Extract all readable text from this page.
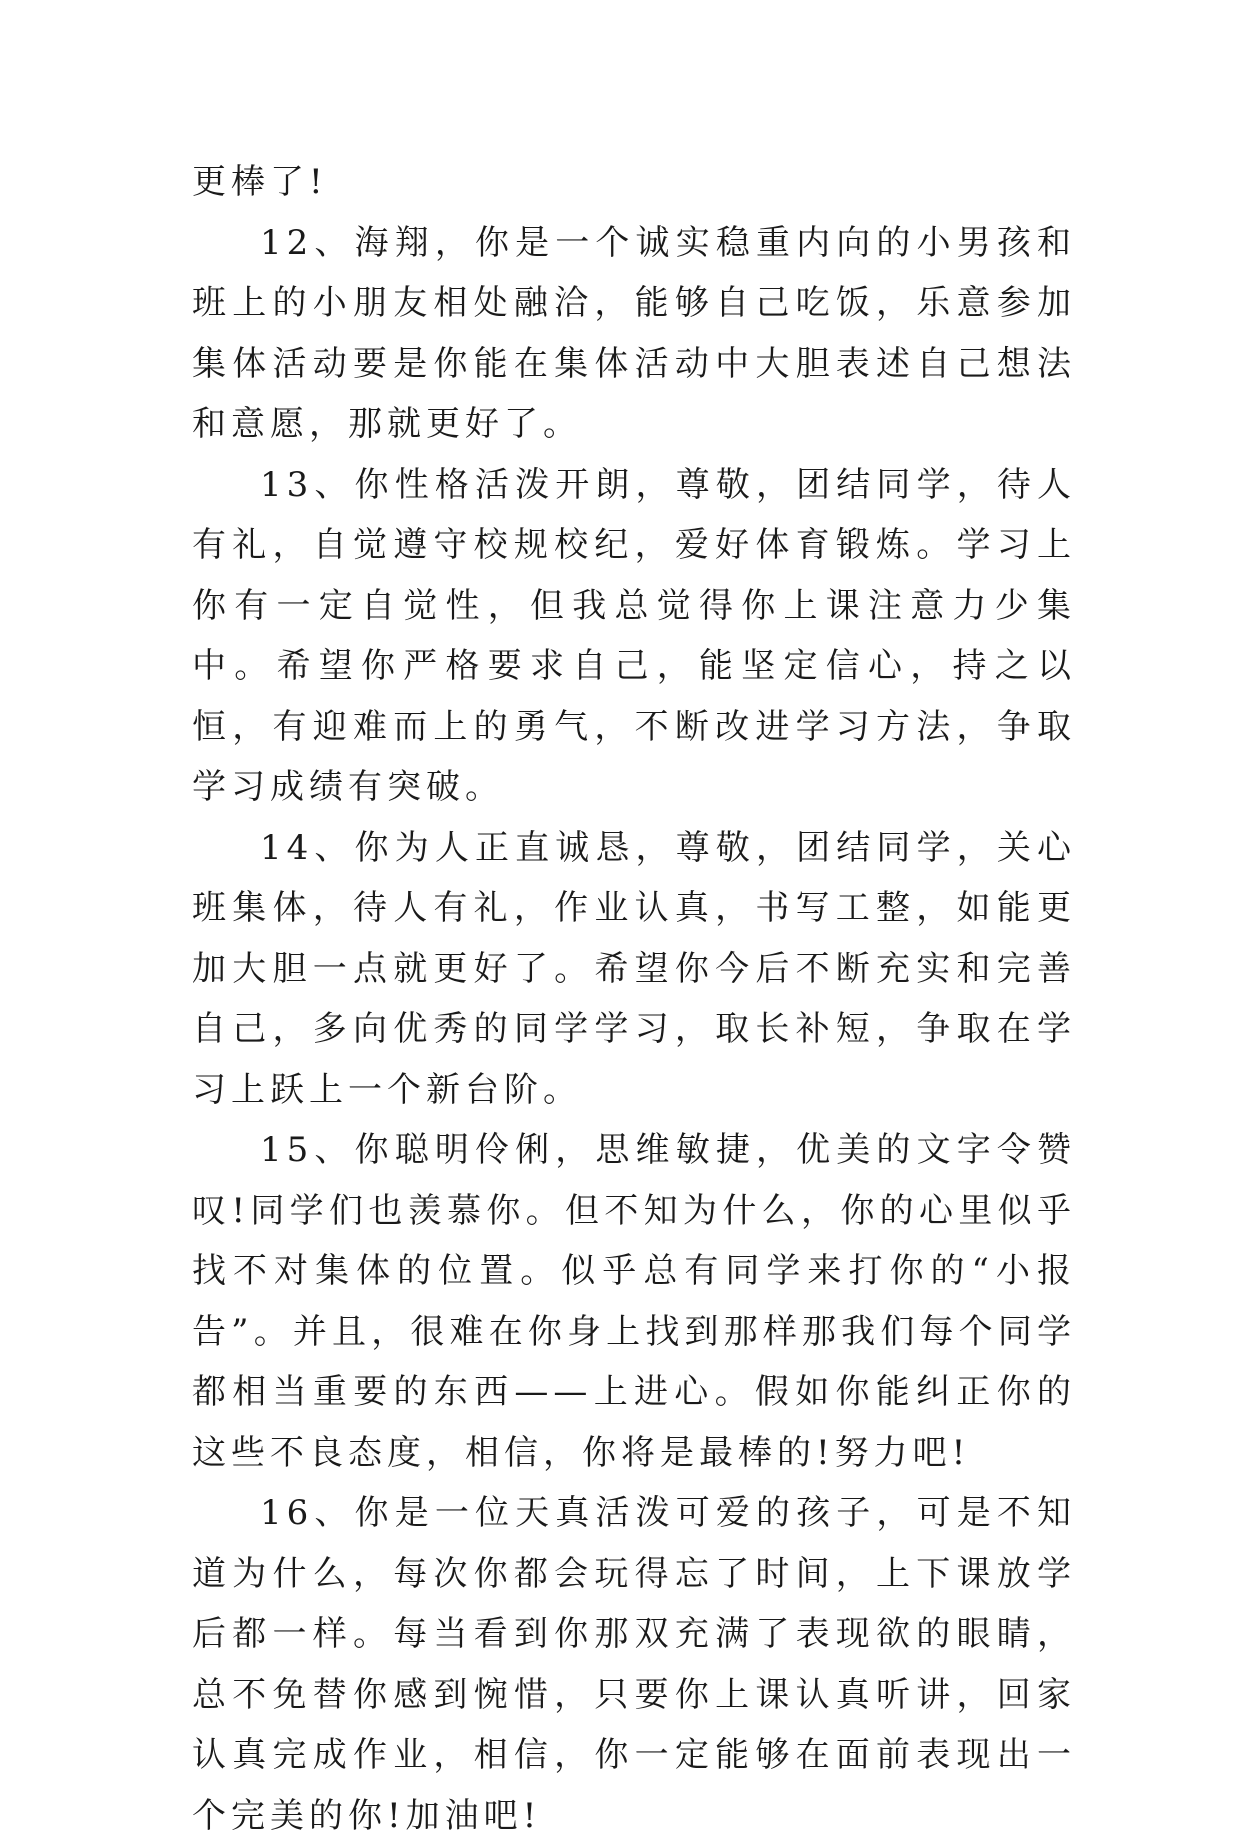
更棒了!

12、海翔，你是一个诚实稳重内向的小男孩和班上的小朋友相处融洽，能够自己吃饭，乐意参加集体活动要是你能在集体活动中大胆表述自己想法和意愿，那就更好了。

13、你性格活泼开朗，尊敬，团结同学，待人有礼，自觉遵守校规校纪，爱好体育锻炼。学习上你有一定自觉性，但我总觉得你上课注意力少集中。希望你严格要求自己，能坚定信心，持之以恒，有迎难而上的勇气，不断改进学习方法，争取学习成绩有突破。

14、你为人正直诚恳，尊敬，团结同学，关心班集体，待人有礼，作业认真，书写工整，如能更加大胆一点就更好了。希望你今后不断充实和完善自己，多向优秀的同学学习，取长补短，争取在学习上跃上一个新台阶。

15、你聪明伶俐，思维敏捷，优美的文字令赞叹!同学们也羡慕你。但不知为什么，你的心里似乎找不对集体的位置。似乎总有同学来打你的“小报告”。并且，很难在你身上找到那样那我们每个同学都相当重要的东西——上进心。假如你能纠正你的这些不良态度，相信，你将是最棒的!努力吧!

16、你是一位天真活泼可爱的孩子，可是不知道为什么，每次你都会玩得忘了时间，上下课放学后都一样。每当看到你那双充满了表现欲的眼睛，总不免替你感到惋惜，只要你上课认真听讲，回家认真完成作业，相信，你一定能够在面前表现出一个完美的你!加油吧!
